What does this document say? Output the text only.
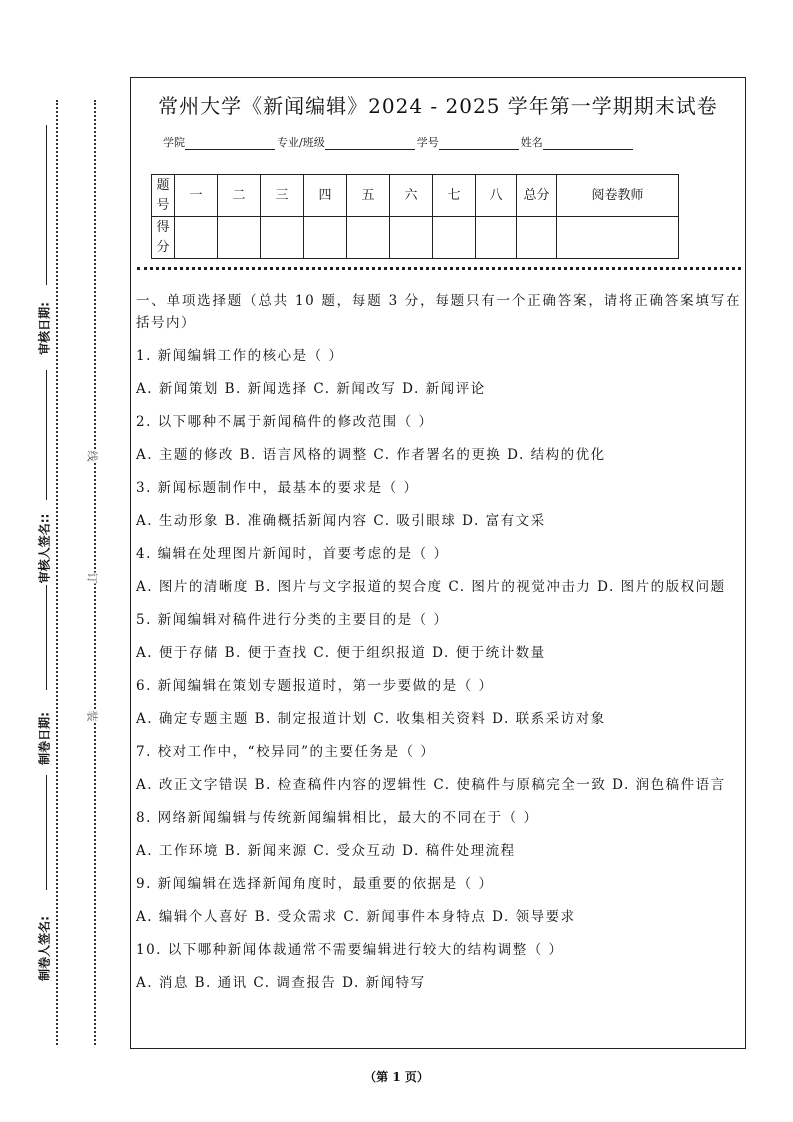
审核日期:
审核人签名::
制卷日期:
制卷人签名:
线
订
装
常州大学《新闻编辑》2024 - 2025 学年第一学期期末试卷
学院	专业/班级	学号	姓名
题号	一	二	三	四	五	六	七	八	总分	阅卷教师
得分										

一、单项选择题（总共 10 题，每题 3 分，每题只有一个正确答案，请将正确答案填写在括号内）

1. 新闻编辑工作的核心是（ ）

A. 新闻策划 B. 新闻选择 C. 新闻改写 D. 新闻评论

2. 以下哪种不属于新闻稿件的修改范围（ ）

A. 主题的修改 B. 语言风格的调整 C. 作者署名的更换 D. 结构的优化

3. 新闻标题制作中，最基本的要求是（ ）

A. 生动形象 B. 准确概括新闻内容 C. 吸引眼球 D. 富有文采

4. 编辑在处理图片新闻时，首要考虑的是（ ）

A. 图片的清晰度 B. 图片与文字报道的契合度 C. 图片的视觉冲击力 D. 图片的版权问题

5. 新闻编辑对稿件进行分类的主要目的是（ ）

A. 便于存储 B. 便于查找 C. 便于组织报道 D. 便于统计数量

6. 新闻编辑在策划专题报道时，第一步要做的是（ ）

A. 确定专题主题 B. 制定报道计划 C. 收集相关资料 D. 联系采访对象

7. 校对工作中，“校异同”的主要任务是（ ）

A. 改正文字错误 B. 检查稿件内容的逻辑性 C. 使稿件与原稿完全一致 D. 润色稿件语言

8. 网络新闻编辑与传统新闻编辑相比，最大的不同在于（ ）

A. 工作环境 B. 新闻来源 C. 受众互动 D. 稿件处理流程

9. 新闻编辑在选择新闻角度时，最重要的依据是（ ）

A. 编辑个人喜好 B. 受众需求 C. 新闻事件本身特点 D. 领导要求

10. 以下哪种新闻体裁通常不需要编辑进行较大的结构调整（ ）

A. 消息 B. 通讯 C. 调查报告 D. 新闻特写

（第 1 页）
